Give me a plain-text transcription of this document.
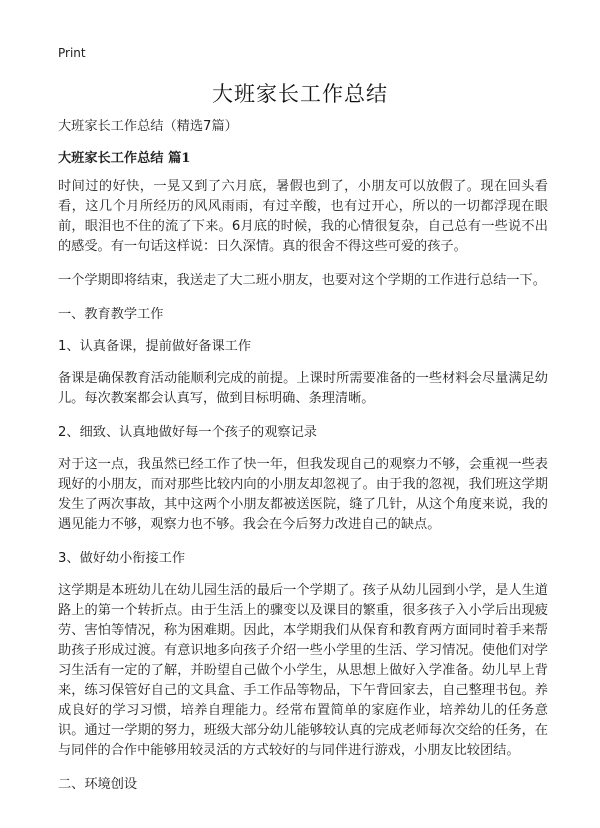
Print
大班家长工作总结

大班家长工作总结（精选7篇）

大班家长工作总结 篇1

时间过的好快，一晃又到了六月底，暑假也到了，小朋友可以放假了。现在回头看看，这几个月所经历的风风雨雨，有过辛酸，也有过开心，所以的一切都浮现在眼前，眼泪也不住的流了下来。6月底的时候，我的心情很复杂，自己总有一些说不出的感受。有一句话这样说：日久深情。真的很舍不得这些可爱的孩子。

一个学期即将结束，我送走了大二班小朋友，也要对这个学期的工作进行总结一下。

一、教育教学工作

1、认真备课，提前做好备课工作

备课是确保教育活动能顺利完成的前提。上课时所需要准备的一些材料会尽量满足幼儿。每次教案都会认真写，做到目标明确、条理清晰。

2、细致、认真地做好每一个孩子的观察记录

对于这一点，我虽然已经工作了快一年，但我发现自己的观察力不够，会重视一些表现好的小朋友，而对那些比较内向的小朋友却忽视了。由于我的忽视，我们班这学期发生了两次事故，其中这两个小朋友都被送医院，缝了几针，从这个角度来说，我的遇见能力不够，观察力也不够。我会在今后努力改进自己的缺点。

3、做好幼小衔接工作

这学期是本班幼儿在幼儿园生活的最后一个学期了。孩子从幼儿园到小学，是人生道路上的第一个转折点。由于生活上的骤变以及课目的繁重，很多孩子入小学后出现疲劳、害怕等情况，称为困难期。因此，本学期我们从保育和教育两方面同时着手来帮助孩子形成过渡。有意识地多向孩子介绍一些小学里的生活、学习情况。使他们对学习生活有一定的了解，并盼望自己做个小学生，从思想上做好入学准备。幼儿早上背来，练习保管好自己的文具盒、手工作品等物品，下午背回家去，自己整理书包。养成良好的学习习惯，培养自理能力。经常布置简单的家庭作业，培养幼儿的任务意识。通过一学期的努力，班级大部分幼儿能够较认真的完成老师每次交给的任务，在与同伴的合作中能够用较灵活的方式较好的与同伴进行游戏，小朋友比较团结。

二、环境创设
